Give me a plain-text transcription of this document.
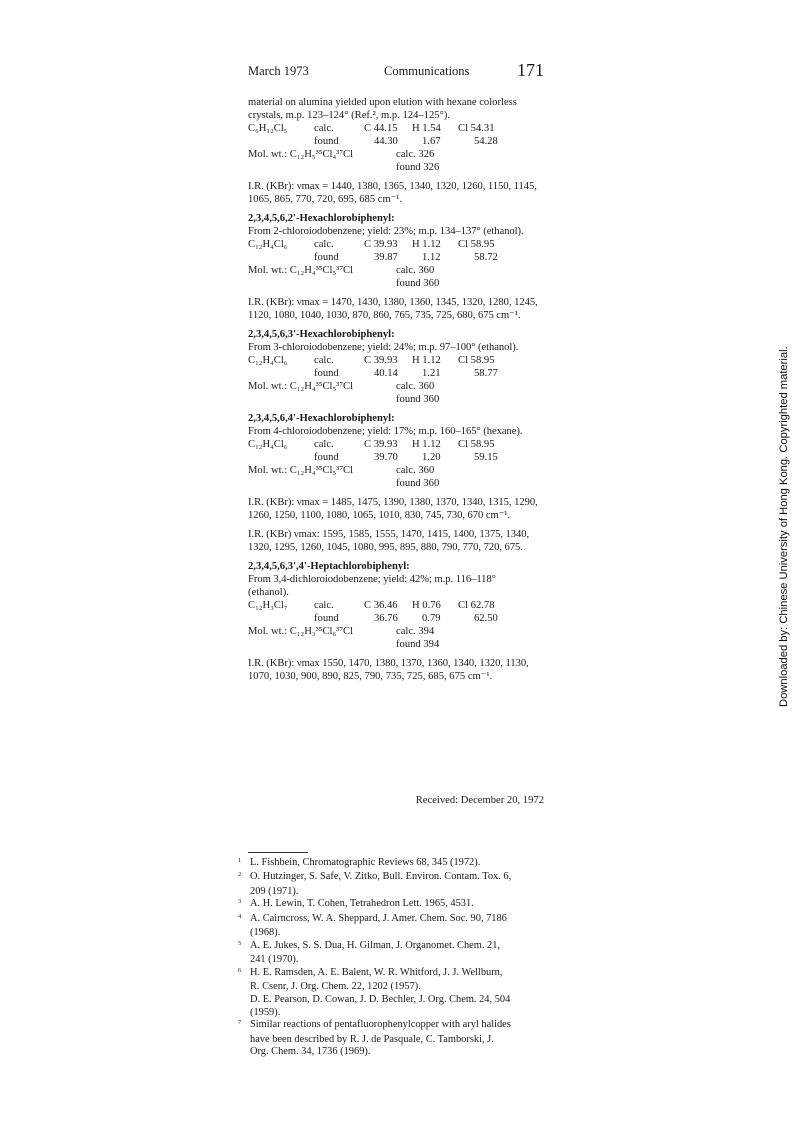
March 1973	Communications	171

material on alumina yielded upon elution with hexane colorless

crystals, m.p. 123–124° (Ref.², m.p. 124–125°).

C₆H₁₂Cl₅	calc.	C 44.15	H 1.54	Cl 54.31
found	44.30	1.67	54.28
Mol. wt.: C₁₂H₅³⁵Cl₄³⁷Cl	calc. 326
found 326

I.R. (KBr): νmax = 1440, 1380, 1365, 1340, 1320, 1260, 1150, 1145,

1065, 865, 770, 720, 695, 685 cm⁻¹.

2,3,4,5,6,2'-Hexachlorobiphenyl:

From 2-chloroiodobenzene; yield: 23%; m.p. 134–137° (ethanol).

C₁₂H₄Cl₆	calc.	C 39.93	H 1.12	Cl 58.95
found	39.87	1.12	58.72
Mol. wt.: C₁₂H₄³⁵Cl₅³⁷Cl	calc. 360
found 360

I.R. (KBr): νmax = 1470, 1430, 1380, 1360, 1345, 1320, 1280, 1245,

1120, 1080, 1040, 1030, 870, 860, 765, 735, 725, 680, 675 cm⁻¹.

2,3,4,5,6,3'-Hexachlorobiphenyl:

From 3-chloroiodobenzene; yield: 24%; m.p. 97–100° (ethanol).

C₁₂H₄Cl₆	calc.	C 39.93	H 1.12	Cl 58.95
found	40.14	1.21	58.77
Mol. wt.: C₁₂H₄³⁵Cl₅³⁷Cl	calc. 360
found 360

2,3,4,5,6,4'-Hexachlorobiphenyl:

From 4-chloroiodobenzene; yield: 17%; m.p. 160–165° (hexane).

C₁₂H₄Cl₆	calc.	C 39.93	H 1.12	Cl 58.95
found	39.70	1.20	59.15
Mol. wt.: C₁₂H₄³⁵Cl₅³⁷Cl	calc. 360
found 360

I.R. (KBr): νmax = 1485, 1475, 1390, 1380, 1370, 1340, 1315, 1290,

1260, 1250, 1100, 1080, 1065, 1010, 830, 745, 730, 670 cm⁻¹.

I.R. (KBr) νmax: 1595, 1585, 1555, 1470, 1415, 1400, 1375, 1340,

1320, 1295, 1260, 1045, 1080, 995, 895, 880, 790, 770, 720, 675.

2,3,4,5,6,3',4'-Heptachlorobiphenyl:

From 3,4-dichloroiodobenzene; yield: 42%; m.p. 116–118°

(ethanol).

C₁₂H₃Cl₇	calc.	C 36.46	H 0.76	Cl 62.78
found	36.76	0.79	62.50
Mol. wt.: C₁₂H₃³⁵Cl₆³⁷Cl	calc. 394
found 394

I.R. (KBr): νmax 1550, 1470, 1380, 1370, 1360, 1340, 1320, 1130,

1070, 1030, 900, 890, 825, 790, 735, 725, 685, 675 cm⁻¹.

Received: December 20, 1972
$^1$ L. Fishbein, Chromatographic Reviews 68, 345 (1972).
$^2$ O. Hutzinger, S. Safe, V. Zitko, Bull. Environ. Contam. Tox. 6,
209 (1971).
$^3$ A. H. Lewin, T. Cohen, Tetrahedron Lett. 1965, 4531.
$^4$ A. Cairncross, W. A. Sheppard, J. Amer. Chem. Soc. 90, 7186
(1968).
$^5$ A. E. Jukes, S. S. Dua, H. Gilman, J. Organomet. Chem. 21,
241 (1970).
$^6$ H. E. Ramsden, A. E. Balent, W. R. Whitford, J. J. Wellburn,
R. Csenr, J. Org. Chem. 22, 1202 (1957).
D. E. Pearson, D. Cowan, J. D. Bechler, J. Org. Chem. 24, 504
(1959).
$^7$ Similar reactions of pentafluorophenylcopper with aryl halides
have been described by R. J. de Pasquale, C. Tamborski, J.
Org. Chem. 34, 1736 (1969).
Downloaded by: Chinese University of Hong Kong. Copyrighted material.
